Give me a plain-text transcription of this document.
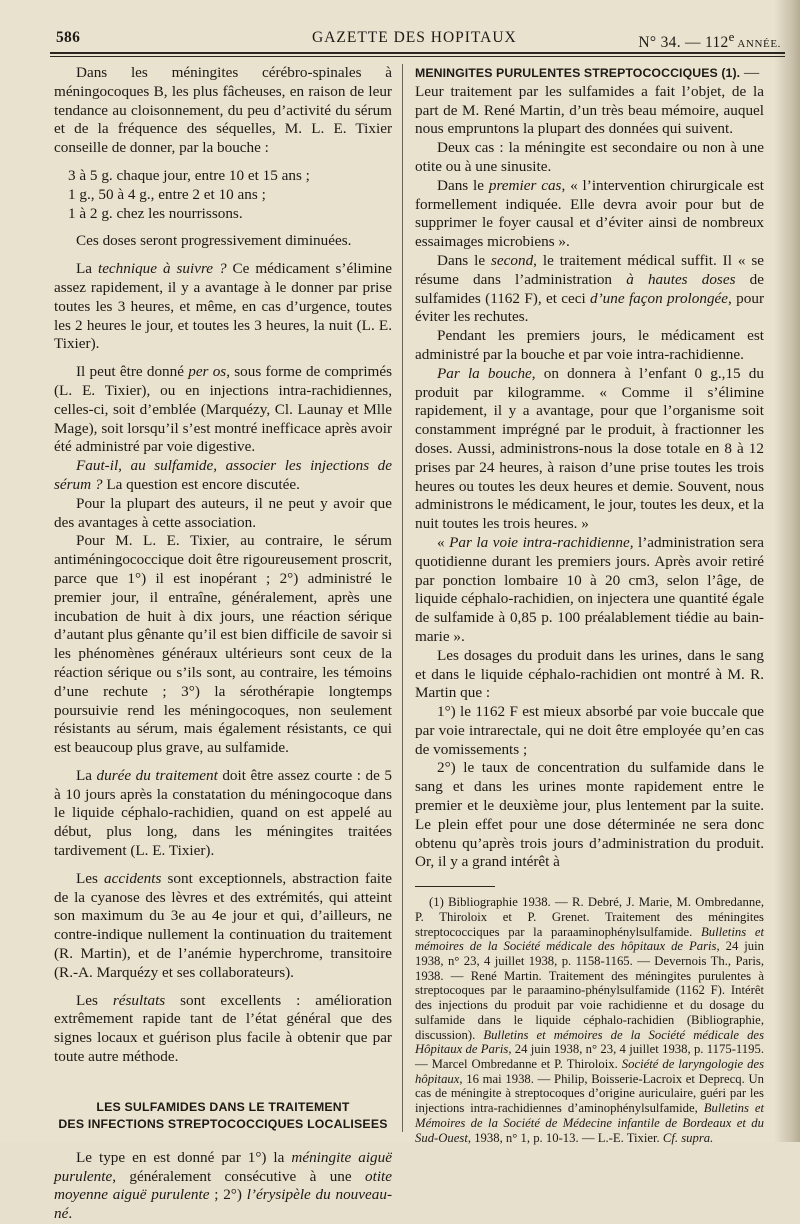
586	GAZETTE DES HOPITAUX	N° 34. — 112e ANNÉE.

Dans les méningites cérébro-spinales à méningocoques B, les plus fâcheuses, en raison de leur tendance au cloisonnement, du peu d’activité du sérum et de la fréquence des séquelles, M. L. E. Tixier conseille de donner, par la bouche :

3 à 5 g. chaque jour, entre 10 et 15 ans ;

1 g., 50 à 4 g., entre 2 et 10 ans ;

1 à 2 g. chez les nourrissons.

Ces doses seront progressivement diminuées.

La technique à suivre ? Ce médicament s’élimine assez rapidement, il y a avantage à le donner par prise toutes les 3 heures, et même, en cas d’urgence, toutes les 2 heures le jour, et toutes les 3 heures, la nuit (L. E. Tixier).

Il peut être donné per os, sous forme de comprimés (L. E. Tixier), ou en injections intra-rachidiennes, celles-ci, soit d’emblée (Marquézy, Cl. Launay et Mlle Mage), soit lorsqu’il s’est montré inefficace après avoir été administré par voie digestive.

Faut-il, au sulfamide, associer les injections de sérum ? La question est encore discutée.

Pour la plupart des auteurs, il ne peut y avoir que des avantages à cette association.

Pour M. L. E. Tixier, au contraire, le sérum antiméningococcique doit être rigoureusement proscrit, parce que 1°) il est inopérant ; 2°) administré le premier jour, il entraîne, généralement, après une incubation de huit à dix jours, une réaction sérique d’autant plus gênante qu’il est bien difficile de savoir si les phénomènes généraux ultérieurs sont ceux de la réaction sérique ou s’ils sont, au contraire, les témoins d’une rechute ; 3°) la sérothérapie longtemps poursuivie rend les méningocoques, non seulement résistants au sérum, mais également résistants, ce qui est beaucoup plus grave, au sulfamide.

La durée du traitement doit être assez courte : de 5 à 10 jours après la constatation du méningocoque dans le liquide céphalo-rachidien, quand on est appelé au début, plus long, dans les méningites traitées tardivement (L. E. Tixier).

Les accidents sont exceptionnels, abstraction faite de la cyanose des lèvres et des extrémités, qui atteint son maximum du 3e au 4e jour et qui, d’ailleurs, ne contre-indique nullement la continuation du traitement (R. Martin), et de l’anémie hyperchrome, transitoire (R.-A. Marquézy et ses collaborateurs).

Les résultats sont excellents : amélioration extrêmement rapide tant de l’état général que des signes locaux et guérison plus facile à obtenir que par toute autre méthode.

LES SULFAMIDES DANS LE TRAITEMENT
DES INFECTIONS STREPTOCOCCIQUES LOCALISEES

Le type en est donné par 1°) la méningite aiguë purulente, généralement consécutive à une otite moyenne aiguë purulente ; 2°) l’érysipèle du nouveau-né.

MENINGITES PURULENTES STREPTOCOCCIQUES (1). —

Leur traitement par les sulfamides a fait l’objet, de la part de M. René Martin, d’un très beau mémoire, auquel nous empruntons la plupart des données qui suivent.

Deux cas : la méningite est secondaire ou non à une otite ou à une sinusite.

Dans le premier cas, « l’intervention chirurgicale est formellement indiquée. Elle devra avoir pour but de supprimer le foyer causal et d’éviter ainsi de nombreux essaimages microbiens ».

Dans le second, le traitement médical suffit. Il « se résume dans l’administration à hautes doses de sulfamides (1162 F), et ceci d’une façon prolongée, pour éviter les rechutes.

Pendant les premiers jours, le médicament est administré par la bouche et par voie intra-rachidienne.

Par la bouche, on donnera à l’enfant 0 g.,15 du produit par kilogramme. « Comme il s’élimine rapidement, il y a avantage, pour que l’organisme soit constamment imprégné par le produit, à fractionner les doses. Aussi, administrons-nous la dose totale en 8 à 12 prises par 24 heures, à raison d’une prise toutes les trois heures ou toutes les deux heures et demie. Souvent, nous administrons le médicament, le jour, toutes les deux, et la nuit toutes les trois heures. »

« Par la voie intra-rachidienne, l’administration sera quotidienne durant les premiers jours. Après avoir retiré par ponction lombaire 10 à 20 cm3, selon l’âge, de liquide céphalo-rachidien, on injectera une quantité égale de sulfamide à 0,85 p. 100 préalablement tiédie au bain-marie ».

Les dosages du produit dans les urines, dans le sang et dans le liquide céphalo-rachidien ont montré à M. R. Martin que :

1°) le 1162 F est mieux absorbé par voie buccale que par voie intrarectale, qui ne doit être employée qu’en cas de vomissements ;

2°) le taux de concentration du sulfamide dans le sang et dans les urines monte rapidement entre le premier et le deuxième jour, plus lentement par la suite. Le plein effet pour une dose déterminée ne sera donc obtenu qu’après trois jours d’administration du produit. Or, il y a grand intérêt à

(1) Bibliographie 1938. — R. Debré, J. Marie, M. Ombredanne, P. Thiroloix et P. Grenet. Traitement des méningites streptococciques par la paraaminophénylsulfamide. Bulletins et mémoires de la Société médicale des hôpitaux de Paris, 24 juin 1938, n° 23, 4 juillet 1938, p. 1158-1165. — Devernois Th., Paris, 1938. — René Martin. Traitement des méningites purulentes à streptocoques par le paraamino-phénylsulfamide (1162 F). Intérêt des injections du produit par voie rachidienne et du dosage du sulfamide dans le liquide céphalo-rachidien (Bibliographie, discussion). Bulletins et mémoires de la Société médicale des Hôpitaux de Paris, 24 juin 1938, n° 23, 4 juillet 1938, p. 1175-1195. — Marcel Ombredanne et P. Thiroloix. Société de laryngologie des hôpitaux, 16 mai 1938. — Philip, Boisserie-Lacroix et Deprecq. Un cas de méningite à streptocoques d’origine auriculaire, guéri par les injections intra-rachidiennes d’aminophénylsulfamide, Bulletins et Mémoires de la Société de Médecine infantile de Bordeaux et du Sud-Ouest, 1938, n° 1, p. 10-13. — L.-E. Tixier. Cf. supra.
